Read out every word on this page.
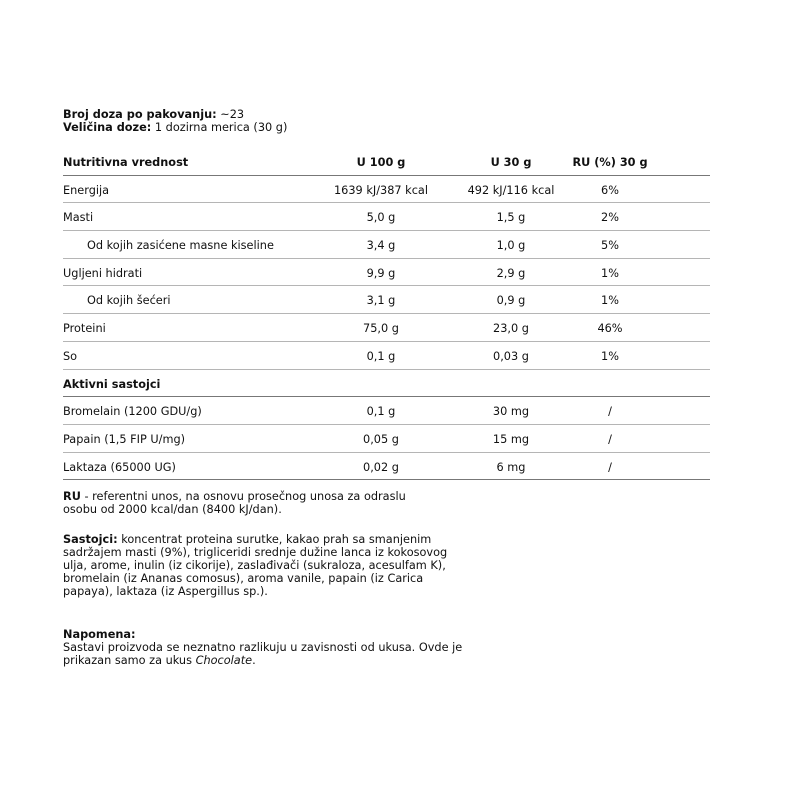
Broj doza po pakovanju: ~23
Veličina doze: 1 dozirna merica (30 g)
Nutritivna vrednost	U 100 g	U 30 g	RU (%) 30 g
Energija	1639 kJ/387 kcal	492 kJ/116 kcal	6%
Masti	5,0 g	1,5 g	2%
Od kojih zasićene masne kiseline	3,4 g	1,0 g	5%
Ugljeni hidrati	9,9 g	2,9 g	1%
Od kojih šećeri	3,1 g	0,9 g	1%
Proteini	75,0 g	23,0 g	46%
So	0,1 g	0,03 g	1%
Aktivni sastojci
Bromelain (1200 GDU/g)	0,1 g	30 mg	/
Papain (1,5 FIP U/mg)	0,05 g	15 mg	/
Laktaza (65000 UG)	0,02 g	6 mg	/
RU - referentni unos, na osnovu prosečnog unosa za odraslu
osobu od 2000 kcal/dan (8400 kJ/dan).
Sastojci: koncentrat proteina surutke, kakao prah sa smanjenim
sadržajem masti (9%), trigliceridi srednje dužine lanca iz kokosovog
ulja, arome, inulin (iz cikorije), zaslađivači (sukraloza, acesulfam K),
bromelain (iz Ananas comosus), aroma vanile, papain (iz Carica
papaya), laktaza (iz Aspergillus sp.).
Napomena:
Sastavi proizvoda se neznatno razlikuju u zavisnosti od ukusa. Ovde je
prikazan samo za ukus Chocolate.
